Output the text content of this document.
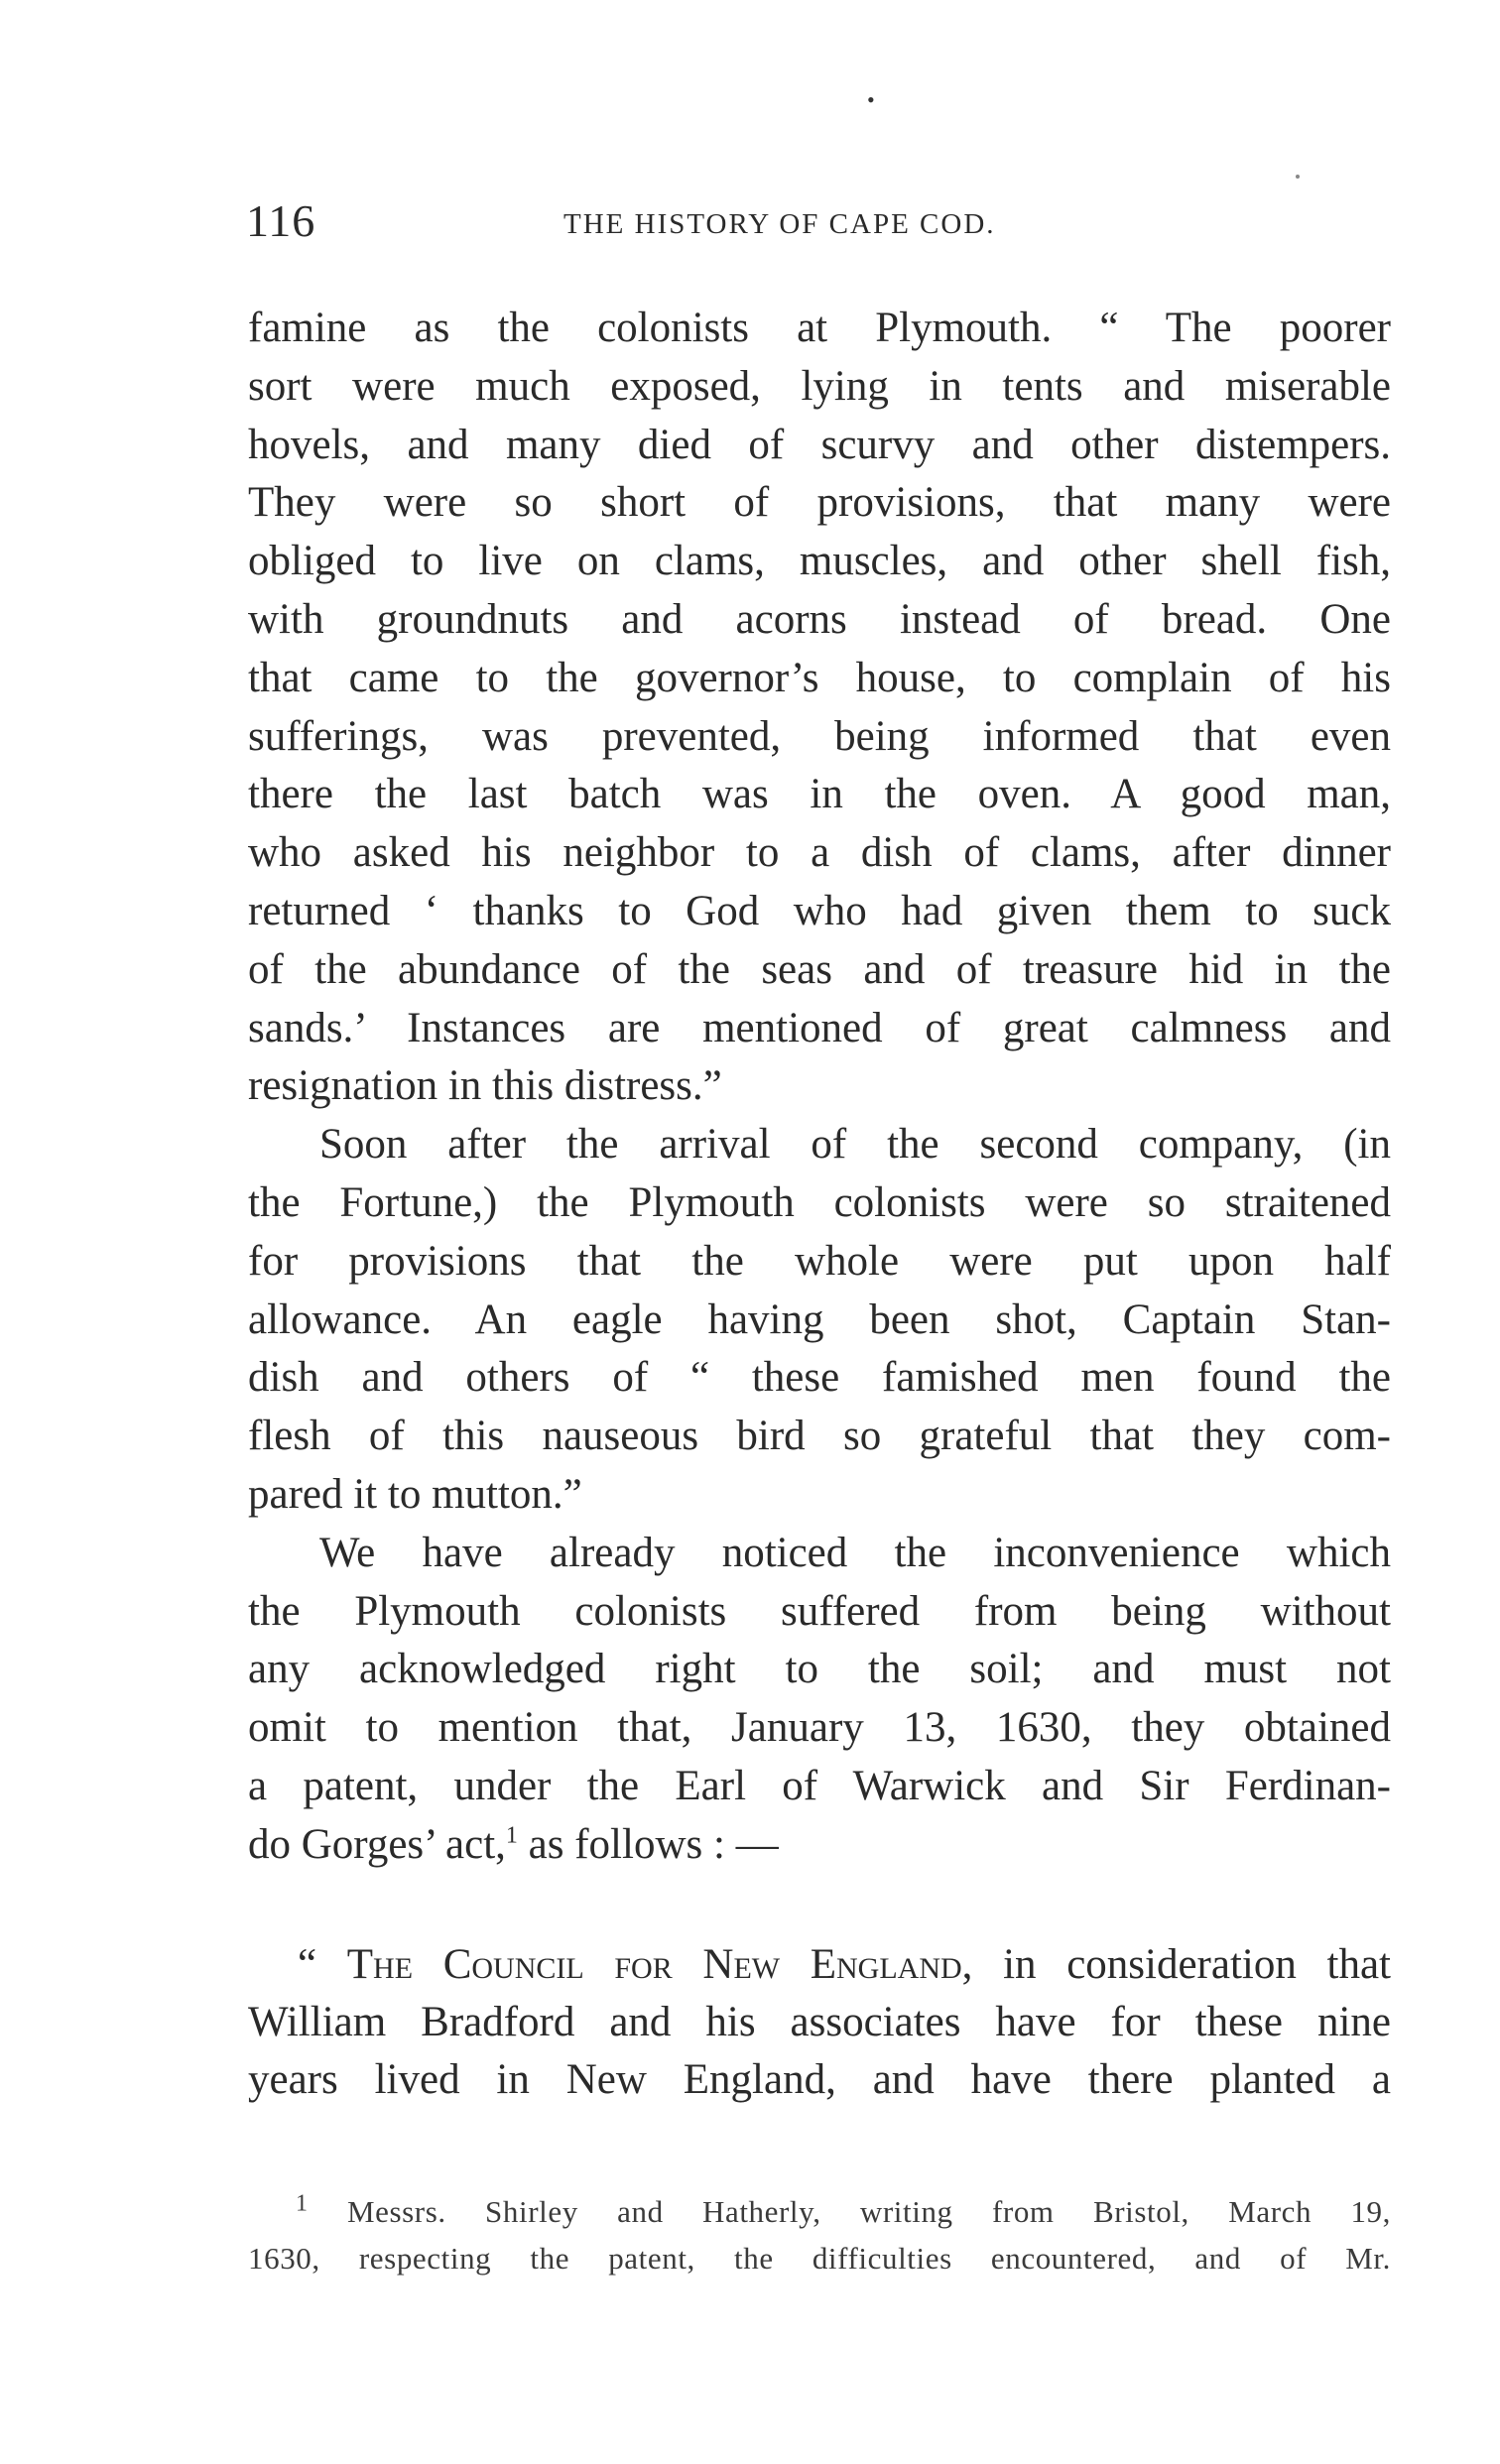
•
116	THE HISTORY OF CAPE COD.
famine as the colonists at Plymouth. “ The poorer
sort were much exposed, lying in tents and miserable
hovels, and many died of scurvy and other distempers.
They were so short of provisions, that many were
obliged to live on clams, muscles, and other shell fish,
with groundnuts and acorns instead of bread. One
that came to the governor’s house, to complain of his
sufferings, was prevented, being informed that even
there the last batch was in the oven. A good man,
who asked his neighbor to a dish of clams, after dinner
returned ‘ thanks to God who had given them to suck
of the abundance of the seas and of treasure hid in the
sands.’ Instances are mentioned of great calmness and
resignation in this distress.”
Soon after the arrival of the second company, (in
the Fortune,) the Plymouth colonists were so straitened
for provisions that the whole were put upon half
allowance. An eagle having been shot, Captain Stan-
dish and others of “ these famished men found the
flesh of this nauseous bird so grateful that they com-
pared it to mutton.”
We have already noticed the inconvenience which
the Plymouth colonists suffered from being without
any acknowledged right to the soil; and must not
omit to mention that, January 13, 1630, they obtained
a patent, under the Earl of Warwick and Sir Ferdinan-
do Gorges’ act,$^1$ as follows : —
“ The Council for New England, in consideration that
William Bradford and his associates have for these nine
years lived in New England, and have there planted a
$^1$ Messrs. Shirley and Hatherly, writing from Bristol, March 19,
1630, respecting the patent, the difficulties encountered, and of Mr.
